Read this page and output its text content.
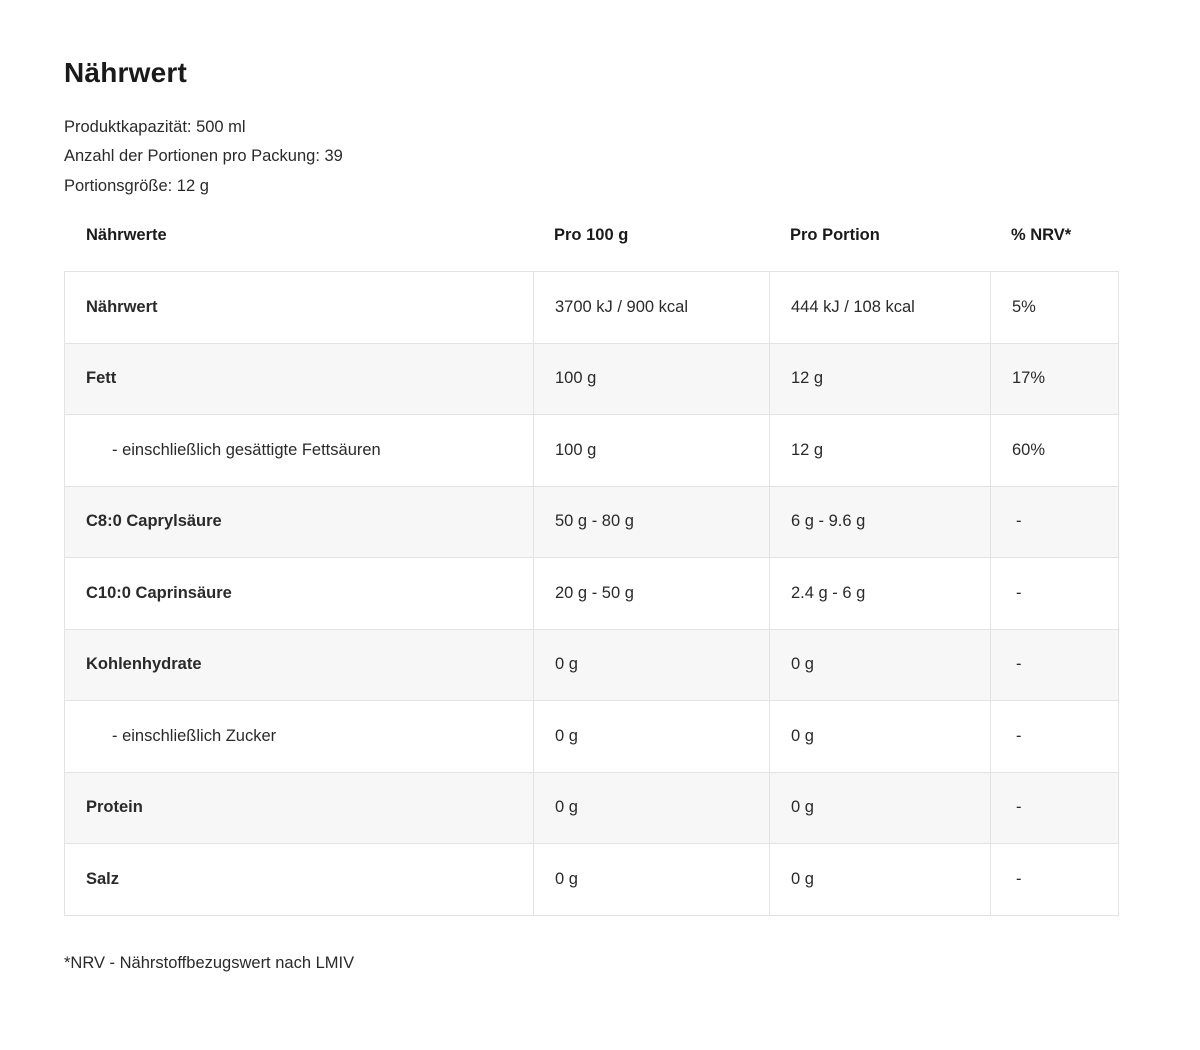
Nährwert
Produktkapazität: 500 ml
Anzahl der Portionen pro Packung: 39
Portionsgröße: 12 g
Nährwerte	Pro 100 g	Pro Portion	% NRV*
Nährwert	3700 kJ / 900 kcal	444 kJ / 108 kcal	5%
Fett	100 g	12 g	17%
- einschließlich gesättigte Fettsäuren	100 g	12 g	60%
C8:0 Caprylsäure	50 g - 80 g	6 g - 9.6 g	-
C10:0 Caprinsäure	20 g - 50 g	2.4 g - 6 g	-
Kohlenhydrate	0 g	0 g	-
- einschließlich Zucker	0 g	0 g	-
Protein	0 g	0 g	-
Salz	0 g	0 g	-
*NRV - Nährstoffbezugswert nach LMIV
